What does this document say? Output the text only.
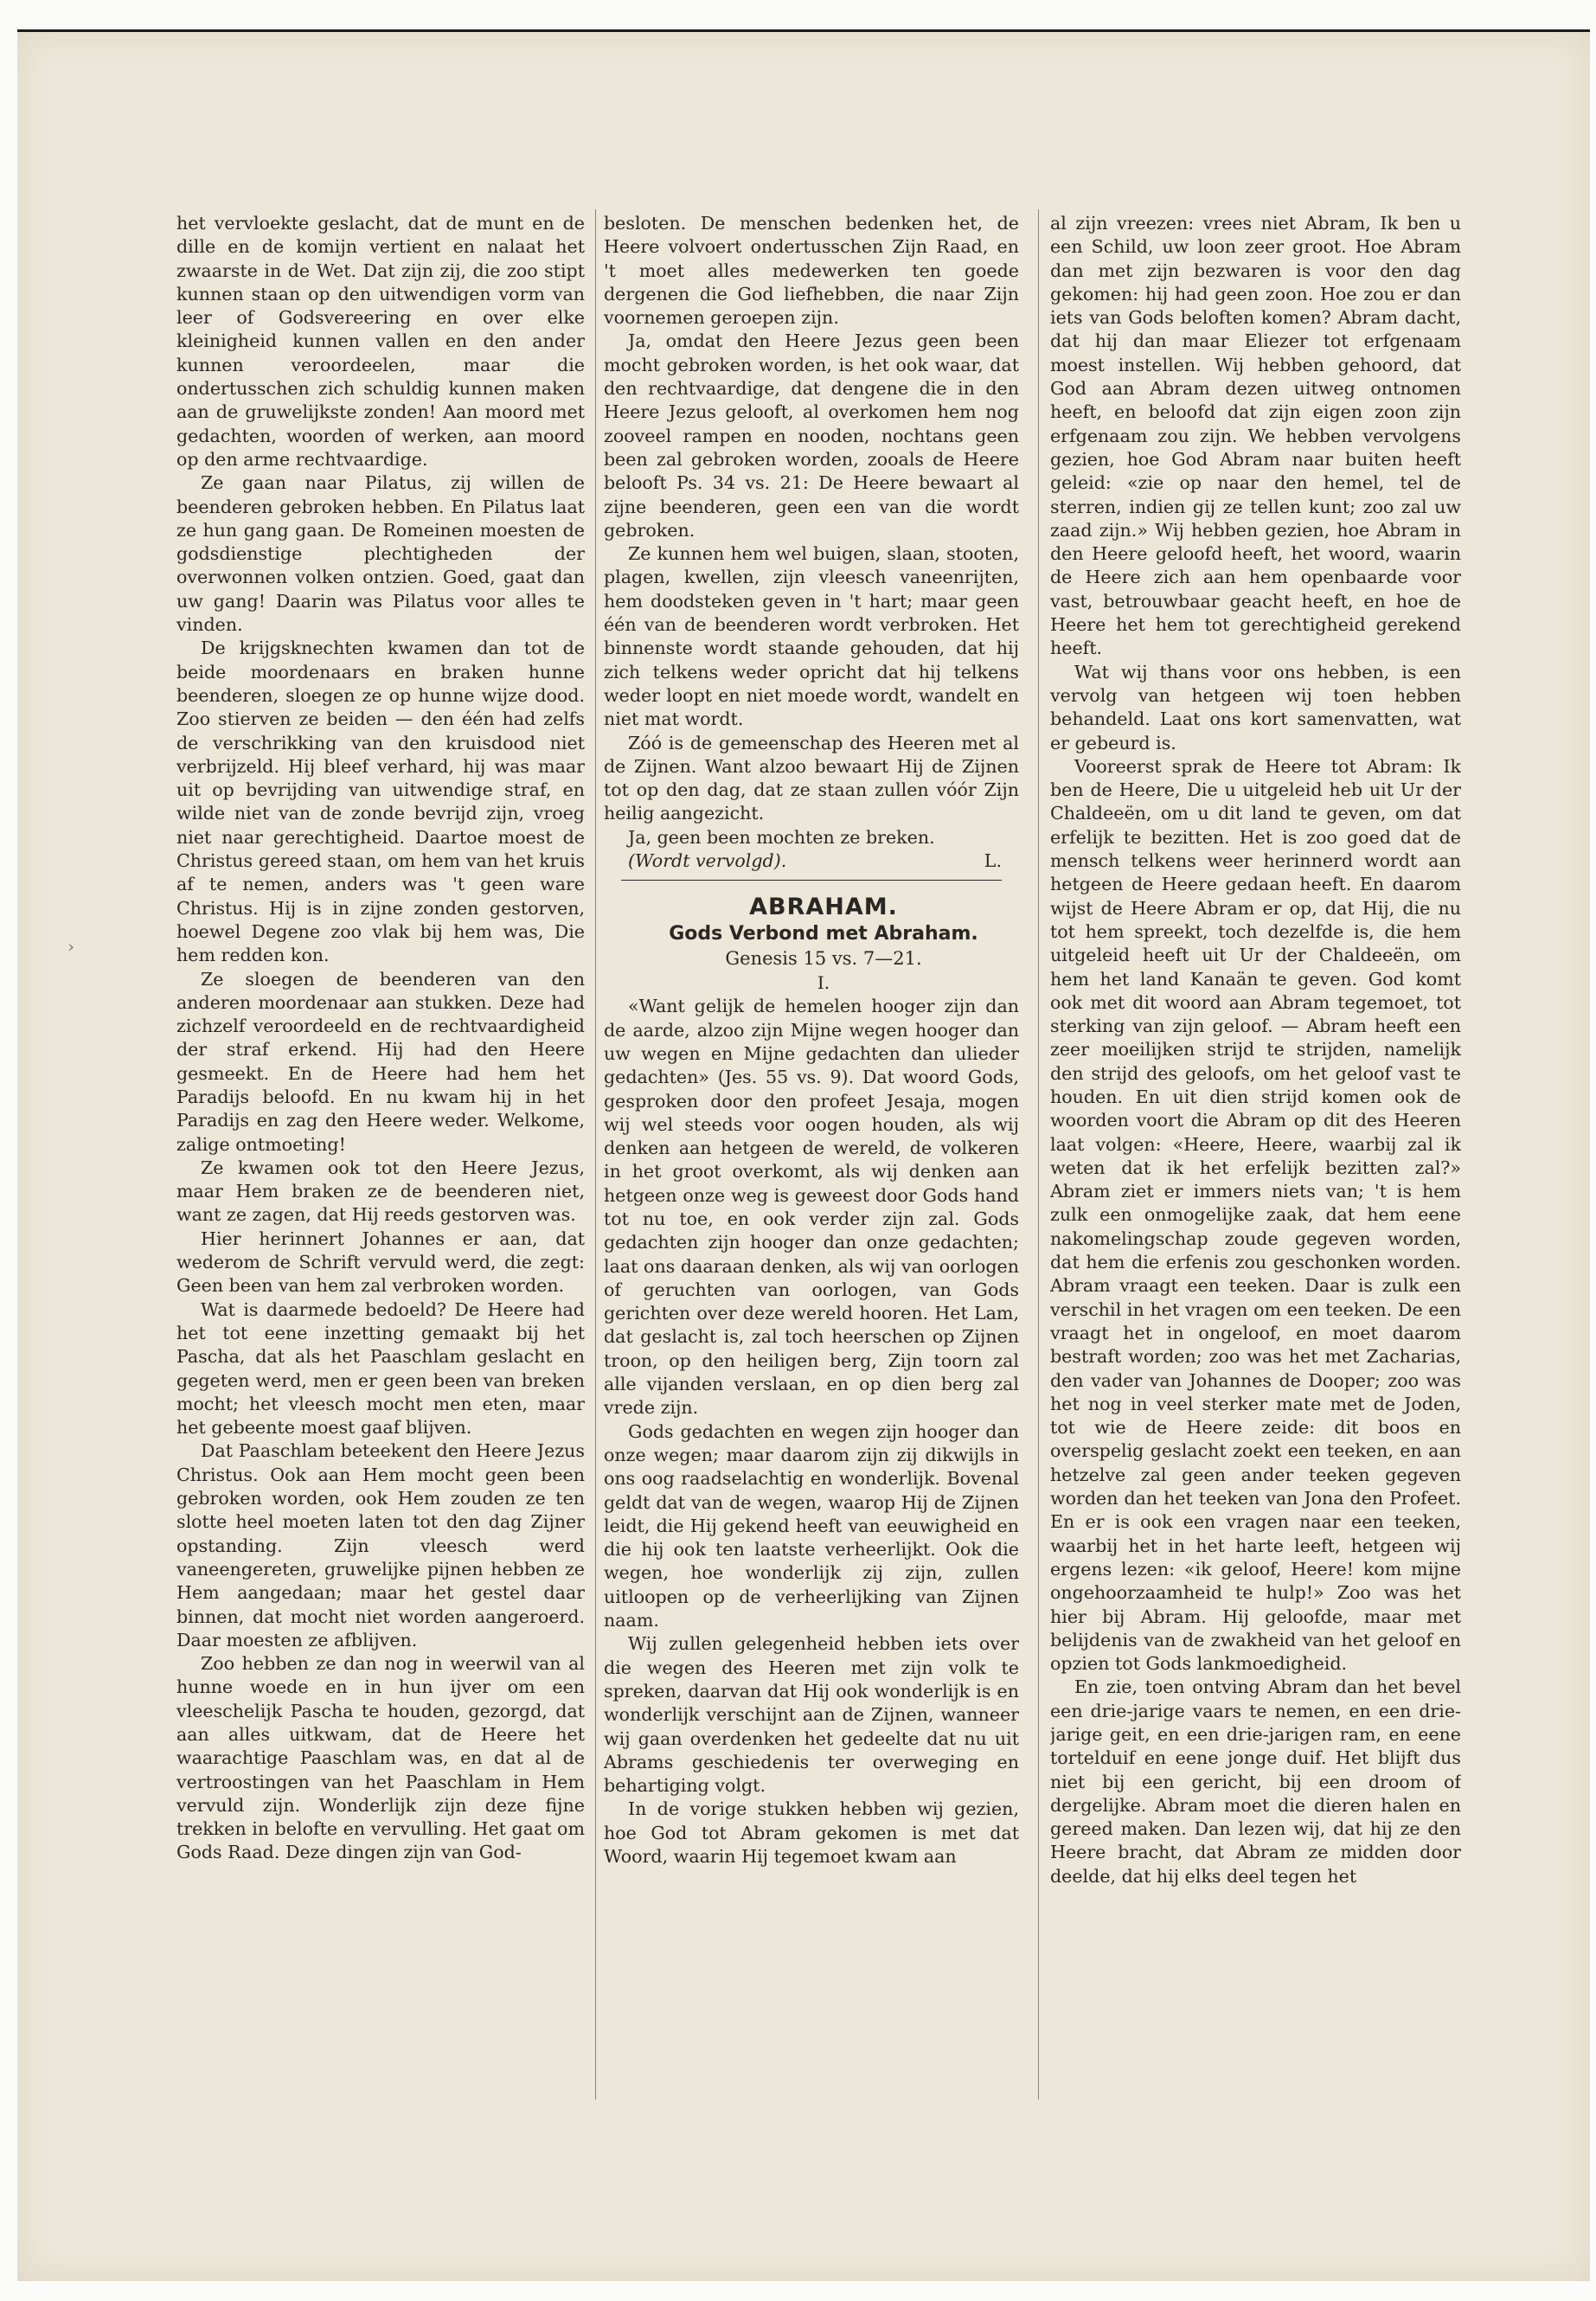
›

het vervloekte geslacht, dat de munt en de dille en de komijn vertient en nalaat het zwaarste in de Wet. Dat zijn zij, die zoo stipt kunnen staan op den uitwendigen vorm van leer of Godsvereering en over elke kleinigheid kunnen vallen en den ander kunnen veroordeelen, maar die ondertusschen zich schuldig kunnen maken aan de gruwelijkste zonden! Aan moord met gedachten, woorden of werken, aan moord op den arme rechtvaardige.

Ze gaan naar Pilatus, zij willen de beenderen gebroken hebben. En Pilatus laat ze hun gang gaan. De Romeinen moesten de godsdienstige plechtigheden der overwonnen volken ontzien. Goed, gaat dan uw gang! Daarin was Pilatus voor alles te vinden.

De krijgsknechten kwamen dan tot de beide moordenaars en braken hunne beenderen, sloegen ze op hunne wijze dood. Zoo stierven ze beiden — den één had zelfs de verschrikking van den kruisdood niet verbrijzeld. Hij bleef verhard, hij was maar uit op bevrijding van uitwendige straf, en wilde niet van de zonde bevrijd zijn, vroeg niet naar gerechtigheid. Daartoe moest de Christus gereed staan, om hem van het kruis af te nemen, anders was 't geen ware Christus. Hij is in zijne zonden gestorven, hoewel Degene zoo vlak bij hem was, Die hem redden kon.

Ze sloegen de beenderen van den anderen moordenaar aan stukken. Deze had zichzelf veroordeeld en de rechtvaardigheid der straf erkend. Hij had den Heere gesmeekt. En de Heere had hem het Paradijs beloofd. En nu kwam hij in het Paradijs en zag den Heere weder. Welkome, zalige ontmoeting!

Ze kwamen ook tot den Heere Jezus, maar Hem braken ze de beenderen niet, want ze zagen, dat Hij reeds gestorven was.

Hier herinnert Johannes er aan, dat wederom de Schrift vervuld werd, die zegt: Geen been van hem zal verbroken worden.

Wat is daarmede bedoeld? De Heere had het tot eene inzetting gemaakt bij het Pascha, dat als het Paaschlam geslacht en gegeten werd, men er geen been van breken mocht; het vleesch mocht men eten, maar het gebeente moest gaaf blijven.

Dat Paaschlam beteekent den Heere Jezus Christus. Ook aan Hem mocht geen been gebroken worden, ook Hem zouden ze ten slotte heel moeten laten tot den dag Zijner opstanding. Zijn vleesch werd vaneengereten, gruwelijke pijnen hebben ze Hem aangedaan; maar het gestel daar binnen, dat mocht niet worden aangeroerd. Daar moesten ze afblijven.

Zoo hebben ze dan nog in weerwil van al hunne woede en in hun ijver om een vleeschelijk Pascha te houden, gezorgd, dat aan alles uitkwam, dat de Heere het waarachtige Paaschlam was, en dat al de vertroostingen van het Paaschlam in Hem vervuld zijn. Wonderlijk zijn deze fijne trekken in belofte en vervulling. Het gaat om Gods Raad. Deze dingen zijn van God-

besloten. De menschen bedenken het, de Heere volvoert ondertusschen Zijn Raad, en 't moet alles medewerken ten goede dergenen die God liefhebben, die naar Zijn voornemen geroepen zijn.

Ja, omdat den Heere Jezus geen been mocht gebroken worden, is het ook waar, dat den rechtvaardige, dat dengene die in den Heere Jezus gelooft, al overkomen hem nog zooveel rampen en nooden, nochtans geen been zal gebroken worden, zooals de Heere belooft Ps. 34 vs. 21: De Heere bewaart al zijne beenderen, geen een van die wordt gebroken.

Ze kunnen hem wel buigen, slaan, stooten, plagen, kwellen, zijn vleesch vaneenrijten, hem doodsteken geven in 't hart; maar geen één van de beenderen wordt verbroken. Het binnenste wordt staande gehouden, dat hij zich telkens weder opricht dat hij telkens weder loopt en niet moede wordt, wandelt en niet mat wordt.

Zóó is de gemeenschap des Heeren met al de Zijnen. Want alzoo bewaart Hij de Zijnen tot op den dag, dat ze staan zullen vóór Zijn heilig aangezicht.

Ja, geen been mochten ze breken.

(Wordt vervolgd).	L.

ABRAHAM.

Gods Verbond met Abraham.

Genesis 15 vs. 7—21.

I.

«Want gelijk de hemelen hooger zijn dan de aarde, alzoo zijn Mijne wegen hooger dan uw wegen en Mijne gedachten dan uliеder gedachten» (Jes. 55 vs. 9). Dat woord Gods, gesproken door den profeet Jesaja, mogen wij wel steeds voor oogen houden, als wij denken aan hetgeen de wereld, de volkeren in het groot overkomt, als wij denken aan hetgeen onze weg is geweest door Gods hand tot nu toe, en ook verder zijn zal. Gods gedachten zijn hooger dan onze gedachten; laat ons daaraan denken, als wij van oorlogen of geruchten van oorlogen, van Gods gerichten over deze wereld hooren. Het Lam, dat geslacht is, zal toch heerschen op Zijnen troon, op den heiligen berg, Zijn toorn zal alle vijanden verslaan, en op dien berg zal vrede zijn.

Gods gedachten en wegen zijn hooger dan onze wegen; maar daarom zijn zij dikwijls in ons oog raadselachtig en wonderlijk. Bovenal geldt dat van de wegen, waarop Hij de Zijnen leidt, die Hij gekend heeft van eeuwigheid en die hij ook ten laatste verheerlijkt. Ook die wegen, hoe wonderlijk zij zijn, zullen uitloopen op de verheerlijking van Zijnen naam.

Wij zullen gelegenheid hebben iets over die wegen des Heeren met zijn volk te spreken, daarvan dat Hij ook wonderlijk is en wonderlijk verschijnt aan de Zijnen, wanneer wij gaan overdenken het gedeelte dat nu uit Abrams geschiedenis ter overweging en behartiging volgt.

In de vorige stukken hebben wij gezien, hoe God tot Abram gekomen is met dat Woord, waarin Hij tegemoet kwam aan

al zijn vreezen: vrees niet Abram, Ik ben u een Schild, uw loon zeer groot. Hoe Abram dan met zijn bezwaren is voor den dag gekomen: hij had geen zoon. Hoe zou er dan iets van Gods beloften komen? Abram dacht, dat hij dan maar Eliezer tot erfgenaam moest instellen. Wij hebben gehoord, dat God aan Abram dezen uitweg ontnomen heeft, en beloofd dat zijn eigen zoon zijn erfgenaam zou zijn. We hebben vervolgens gezien, hoe God Abram naar buiten heeft geleid: «zie op naar den hemel, tel de sterren, indien gij ze tellen kunt; zoo zal uw zaad zijn.» Wij hebben gezien, hoe Abram in den Heere geloofd heeft, het woord, waarin de Heere zich aan hem openbaarde voor vast, betrouwbaar geacht heeft, en hoe de Heere het hem tot gerechtigheid gerekend heeft.

Wat wij thans voor ons hebben, is een vervolg van hetgeen wij toen hebben behandeld. Laat ons kort samenvatten, wat er gebeurd is.

Vooreerst sprak de Heere tot Abram: Ik ben de Heere, Die u uitgeleid heb uit Ur der Chaldeeën, om u dit land te geven, om dat erfelijk te bezitten. Het is zoo goed dat de mensch telkens weer herinnerd wordt aan hetgeen de Heere gedaan heeft. En daarom wijst de Heere Abram er op, dat Hij, die nu tot hem spreekt, toch dezelfde is, die hem uitgeleid heeft uit Ur der Chaldeeën, om hem het land Kanaän te geven. God komt ook met dit woord aan Abram tegemoet, tot sterking van zijn geloof. — Abram heeft een zeer moeilijken strijd te strijden, namelijk den strijd des geloofs, om het geloof vast te houden. En uit dien strijd komen ook de woorden voort die Abram op dit des Heeren laat volgen: «Heere, Heere, waarbij zal ik weten dat ik het erfelijk bezitten zal?» Abram ziet er immers niets van; 't is hem zulk een onmogelijke zaak, dat hem eene nakomelingschap zoude gegeven worden, dat hem die erfenis zou geschonken worden. Abram vraagt een teeken. Daar is zulk een verschil in het vragen om een teeken. De een vraagt het in ongeloof, en moet daarom bestraft worden; zoo was het met Zacharias, den vader van Johannes de Dooper; zoo was het nog in veel sterker mate met de Joden, tot wie de Heere zeide: dit boos en overspelig geslacht zoekt een teeken, en aan hetzelve zal geen ander teeken gegeven worden dan het teeken van Jona den Profeet. En er is ook een vragen naar een teeken, waarbij het in het harte leeft, hetgeen wij ergens lezen: «ik geloof, Heere! kom mijne ongehoorzaamheid te hulp!» Zoo was het hier bij Abram. Hij geloofde, maar met belijdenis van de zwakheid van het geloof en opzien tot Gods lankmoedigheid.

En zie, toen ontving Abram dan het bevel een drie-jarige vaars te nemen, en een drie-jarige geit, en een drie-jarigen ram, en eene tortelduif en eene jonge duif. Het blijft dus niet bij een gericht, bij een droom of dergelijke. Abram moet die dieren halen en gereed maken. Dan lezen wij, dat hij ze den Heere bracht, dat Abram ze midden door deelde, dat hij elks deel tegen het
